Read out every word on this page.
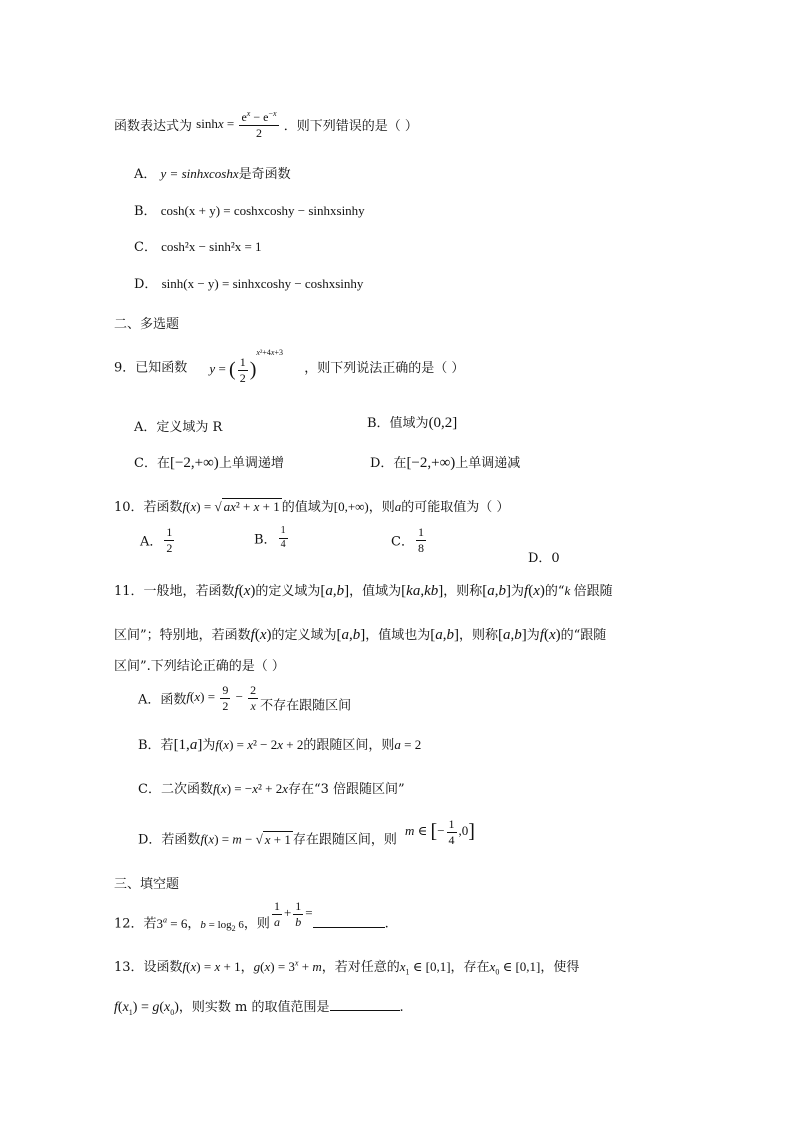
函数表达式为 $\sinh x = \frac{e^x - e^{-x}}{2}$ ．则下列错误的是（ ）
A． y = sinhxcoshx是奇函数
B． cosh(x + y) = coshxcoshy − sinhxsinhy
C． cosh²x − sinh²x = 1
D． sinh(x − y) = sinhxcoshy − coshxsinhy
二、多选题
9．已知函数 y = ( $\frac{1}{2} )^{x^2+4x+3}$ ，则下列说法正确的是（ ）
A．定义域为 R	B．值域为(0,2]
C．在[−2,+∞)上单调递增	D．在[−2,+∞)上单调递减
10．若函数f(x) = √ ax² + x + 1 的值域为[0,+∞)，则a的可能取值为（ ）
A． $\frac{1}{2}$	B． $\frac{1}{4}$	C． $\frac{1}{8}$
D．0
11．一般地，若函数f(x)的定义域为[a,b]，值域为[ka,kb]，则称[a,b]为f(x)的“k 倍跟随
区间”；特别地，若函数f(x)的定义域为[a,b]，值域也为[a,b]，则称[a,b]为f(x)的“跟随
区间”.下列结论正确的是（ ）
A．函数$f(x) = \frac{9}{2} - \frac{2}{x}$ 不存在跟随区间
B．若[1,a]为f(x) = x² − 2x + 2的跟随区间，则a = 2
C．二次函数f(x) = −x² + 2x存在“3 倍跟随区间”
D．若函数f(x) = m − √ x + 1 存在跟随区间，则 m ∈ [− $\frac{1}{4} ,0$]
三、填空题
12．若$3^a = 6$，$_{b = log_2 6}$，则 $\frac{1}{a} + \frac{1}{b}$ =.
13．设函数f(x) = x + 1，$g(x) = 3^x + m$，若对任意的$x_1$ ∈ [0,1]，存在$x_0$ ∈ [0,1]，使得
$f(x_1) = g(x_0)$，则实数 m 的取值范围是	.
